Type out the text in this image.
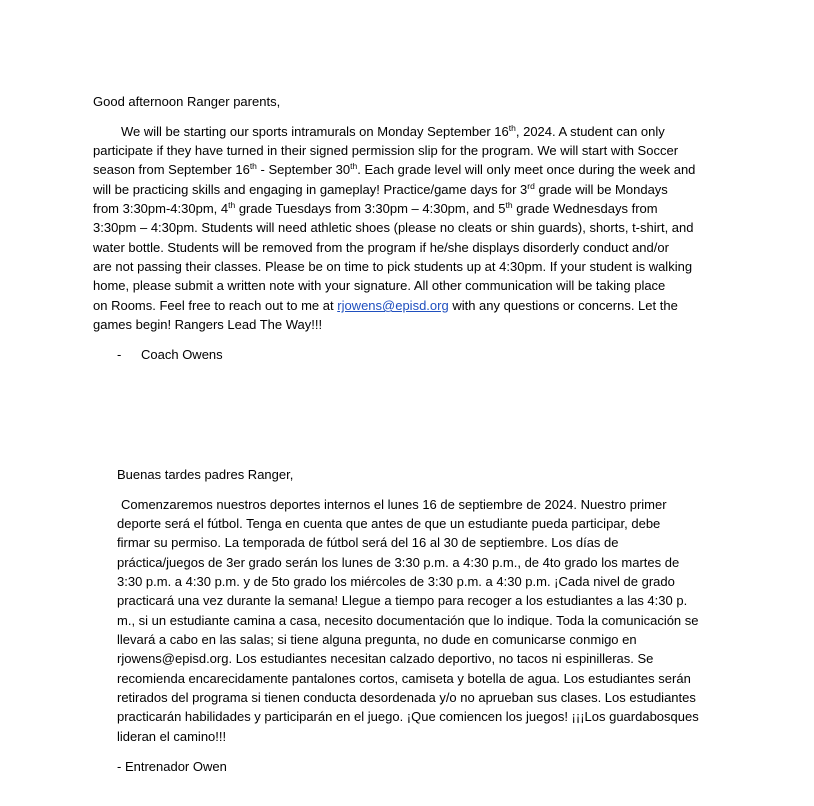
Good afternoon Ranger parents,
We will be starting our sports intramurals on Monday September 16th, 2024. A student can only
participate if they have turned in their signed permission slip for the program. We will start with Soccer
season from September 16th - September 30th. Each grade level will only meet once during the week and
will be practicing skills and engaging in gameplay! Practice/game days for 3rd grade will be Mondays
from 3:30pm-4:30pm, 4th grade Tuesdays from 3:30pm – 4:30pm, and 5th grade Wednesdays from
3:30pm – 4:30pm. Students will need athletic shoes (please no cleats or shin guards), shorts, t-shirt, and
water bottle. Students will be removed from the program if he/she displays disorderly conduct and/or
are not passing their classes. Please be on time to pick students up at 4:30pm. If your student is walking
home, please submit a written note with your signature. All other communication will be taking place
on Rooms. Feel free to reach out to me at rjowens@episd.org with any questions or concerns. Let the
games begin! Rangers Lead The Way!!!
- Coach Owens
Buenas tardes padres Ranger,
Comenzaremos nuestros deportes internos el lunes 16 de septiembre de 2024. Nuestro primer
deporte será el fútbol. Tenga en cuenta que antes de que un estudiante pueda participar, debe
firmar su permiso. La temporada de fútbol será del 16 al 30 de septiembre. Los días de
práctica/juegos de 3er grado serán los lunes de 3:30 p.m. a 4:30 p.m., de 4to grado los martes de
3:30 p.m. a 4:30 p.m. y de 5to grado los miércoles de 3:30 p.m. a 4:30 p.m. ¡Cada nivel de grado
practicará una vez durante la semana! Llegue a tiempo para recoger a los estudiantes a las 4:30 p.
m., si un estudiante camina a casa, necesito documentación que lo indique. Toda la comunicación se
llevará a cabo en las salas; si tiene alguna pregunta, no dude en comunicarse conmigo en
rjowens@episd.org. Los estudiantes necesitan calzado deportivo, no tacos ni espinilleras. Se
recomienda encarecidamente pantalones cortos, camiseta y botella de agua. Los estudiantes serán
retirados del programa si tienen conducta desordenada y/o no aprueban sus clases. Los estudiantes
practicarán habilidades y participarán en el juego. ¡Que comiencen los juegos! ¡¡¡Los guardabosques
lideran el camino!!!
- Entrenador Owen
